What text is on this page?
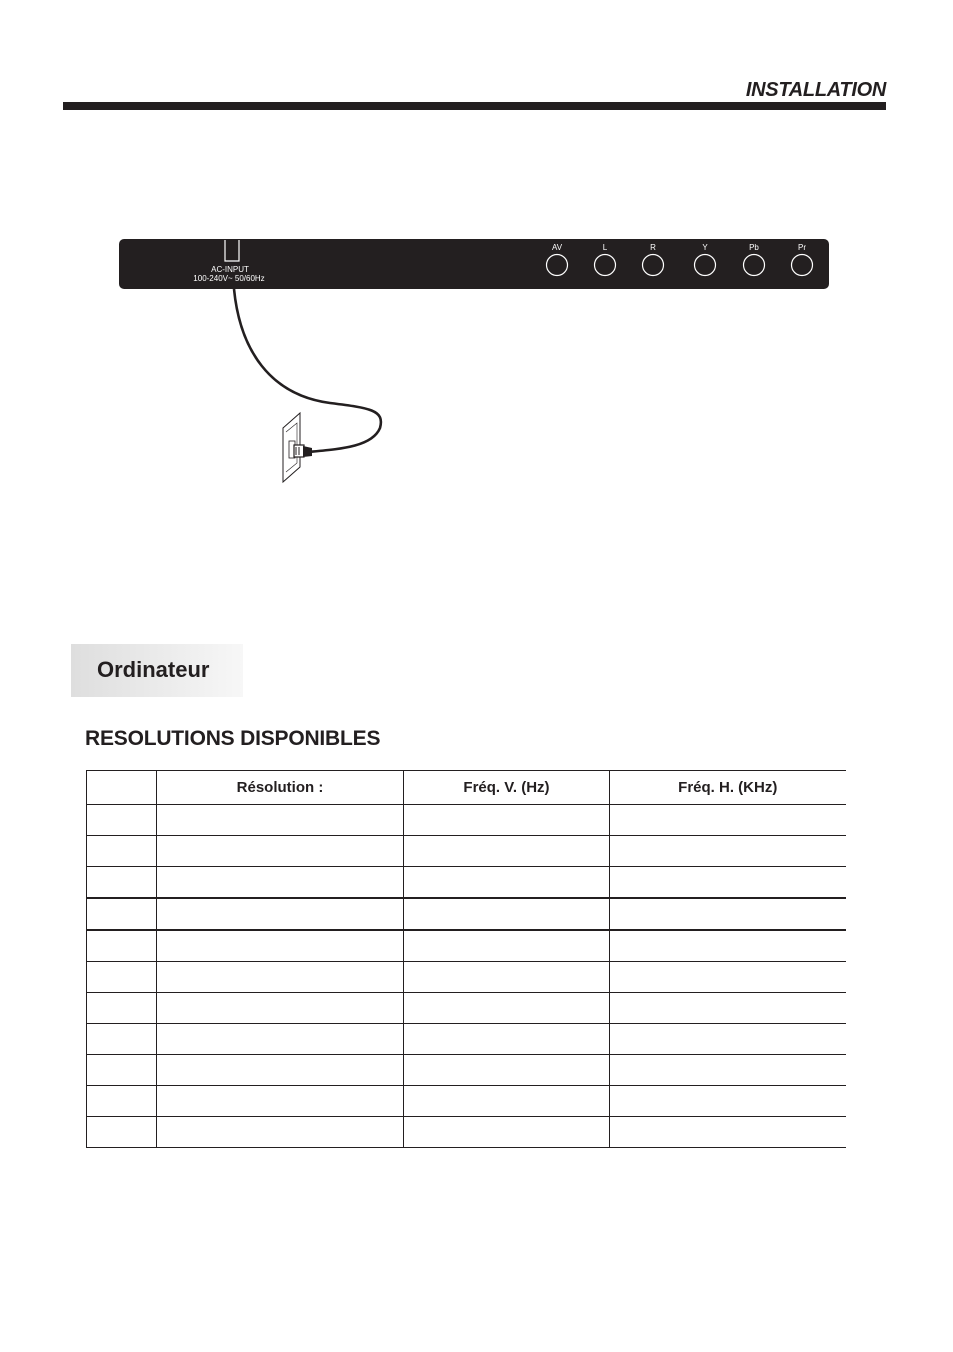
INSTALLATION
AC-INPUT
100-240V~ 50/60Hz
AV	L	R	Y	Pb	Pr
Ordinateur
RESOLUTIONS DISPONIBLES
	Résolution :	Fréq. V. (Hz)	Fréq. H. (KHz)
